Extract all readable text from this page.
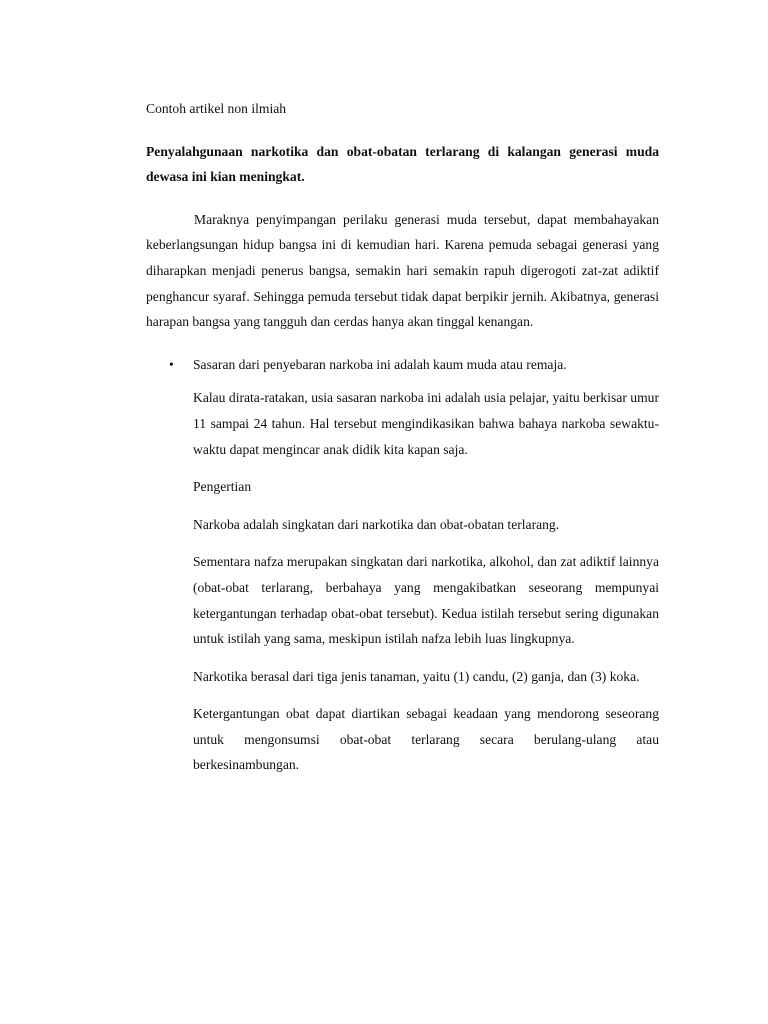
Contoh artikel non ilmiah

Penyalahgunaan narkotika dan obat-obatan terlarang di kalangan generasi muda dewasa ini kian meningkat.

Maraknya penyimpangan perilaku generasi muda tersebut, dapat membahayakan keberlangsungan hidup bangsa ini di kemudian hari. Karena pemuda sebagai generasi yang diharapkan menjadi penerus bangsa, semakin hari semakin rapuh digerogoti zat-zat adiktif penghancur syaraf. Sehingga pemuda tersebut tidak dapat berpikir jernih. Akibatnya, generasi harapan bangsa yang tangguh dan cerdas hanya akan tinggal kenangan.

• Sasaran dari penyebaran narkoba ini adalah kaum muda atau remaja.

Kalau dirata-ratakan, usia sasaran narkoba ini adalah usia pelajar, yaitu berkisar umur 11 sampai 24 tahun. Hal tersebut mengindikasikan bahwa bahaya narkoba sewaktu-waktu dapat mengincar anak didik kita kapan saja.

Pengertian

Narkoba adalah singkatan dari narkotika dan obat-obatan terlarang.

Sementara nafza merupakan singkatan dari narkotika, alkohol, dan zat adiktif lainnya (obat-obat terlarang, berbahaya yang mengakibatkan seseorang mempunyai ketergantungan terhadap obat-obat tersebut). Kedua istilah tersebut sering digunakan untuk istilah yang sama, meskipun istilah nafza lebih luas lingkupnya.

Narkotika berasal dari tiga jenis tanaman, yaitu (1) candu, (2) ganja, dan (3) koka.

Ketergantungan obat dapat diartikan sebagai keadaan yang mendorong seseorang untuk mengonsumsi obat-obat terlarang secara berulang-ulang atau berkesinambungan.
